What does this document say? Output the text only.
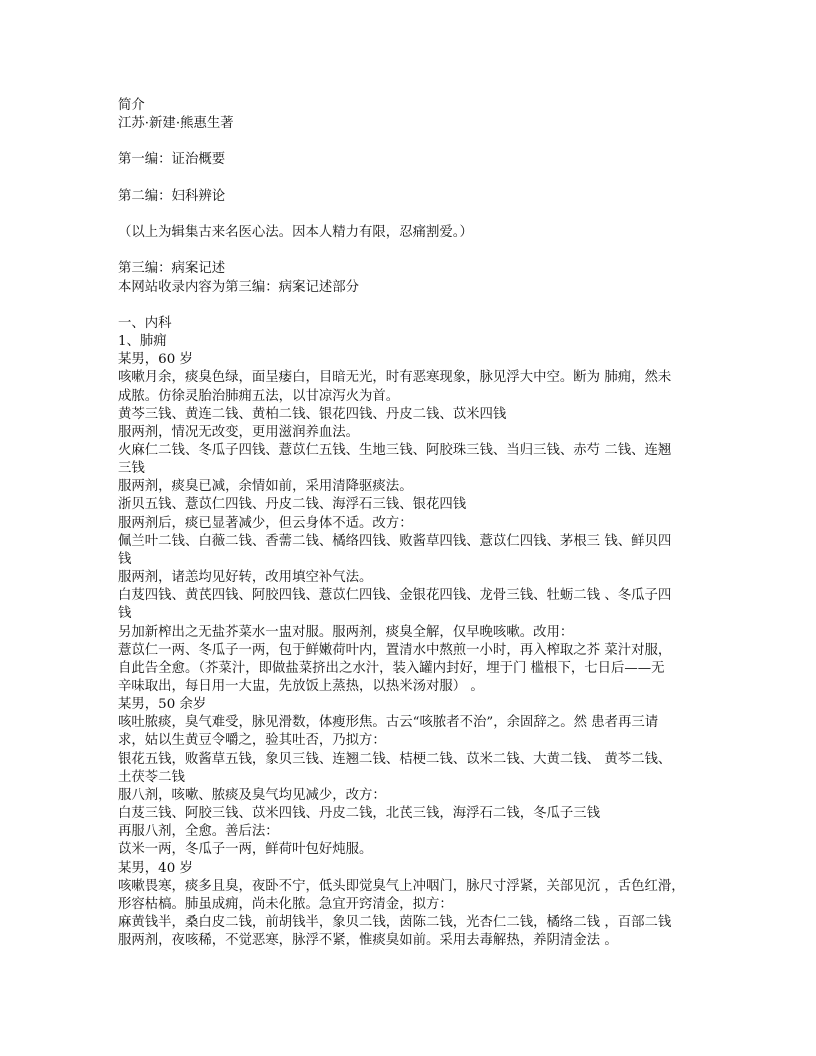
简介
江苏·新建·熊惠生著
第一编：证治概要
第二编：妇科辨论
（以上为辑集古来名医心法。因本人精力有限，忍痛割爱。）
第三编：病案记述
本网站收录内容为第三编：病案记述部分
一、内科
1、肺痈
某男，60 岁
咳嗽月余，痰臭色绿，面呈痿白，目暗无光，时有恶寒现象，脉见浮大中空。断为 肺痈，然未
成脓。仿徐灵胎治肺痈五法，以甘凉泻火为首。
黄芩三钱、黄连二钱、黄柏二钱、银花四钱、丹皮二钱、苡米四钱
服两剂，情况无改变，更用滋润养血法。
火麻仁二钱、冬瓜子四钱、薏苡仁五钱、生地三钱、阿胶珠三钱、当归三钱、赤芍 二钱、连翘
三钱
服两剂，痰臭已减，余情如前，采用清降驱痰法。
浙贝五钱、薏苡仁四钱、丹皮二钱、海浮石三钱、银花四钱
服两剂后，痰已显著减少，但云身体不适。改方：
佩兰叶二钱、白薇二钱、香薷二钱、橘络四钱、败酱草四钱、薏苡仁四钱、茅根三 钱、鲜贝四
钱
服两剂，诸恙均见好转，改用填空补气法。
白芨四钱、黄芪四钱、阿胶四钱、薏苡仁四钱、金银花四钱、龙骨三钱、牡蛎二钱 、冬瓜子四
钱
另加新榨出之无盐芥菜水一盅对服。服两剂，痰臭全解，仅早晚咳嗽。改用：
薏苡仁一两、冬瓜子一两，包于鲜嫩荷叶内，置清水中熬煎一小时，再入榨取之芥 菜汁对服，
自此告全愈。（芥菜汁，即做盐菜挤出之水汁，装入罐内封好，埋于门 槛根下，七日后——无
辛味取出，每日用一大盅，先放饭上蒸热，以热米汤对服） 。
某男，50 余岁
咳吐脓痰，臭气难受，脉见滑数，体瘦形焦。古云“咳脓者不治”，余固辞之。然 患者再三请
求，姑以生黄豆令嚼之，验其吐否，乃拟方：
银花五钱，败酱草五钱，象贝三钱、连翘二钱、桔梗二钱、苡米二钱、大黄二钱、 黄芩二钱、
土茯苓二钱
服八剂，咳嗽、脓痰及臭气均见减少，改方：
白芨三钱、阿胶三钱、苡米四钱、丹皮二钱，北芪三钱，海浮石二钱，冬瓜子三钱
再服八剂，全愈。善后法：
苡米一两，冬瓜子一两，鲜荷叶包好炖服。
某男，40 岁
咳嗽畏寒，痰多且臭，夜卧不宁，低头即觉臭气上冲咽门，脉尺寸浮紧，关部见沉 ，舌色红滑，
形容枯槁。肺虽成痈，尚未化脓。急宜开窍清金，拟方：
麻黄钱半，桑白皮二钱，前胡钱半，象贝二钱，茵陈二钱，光杏仁二钱，橘络二钱 ，百部二钱
服两剂，夜咳稀，不觉恶寒，脉浮不紧，惟痰臭如前。采用去毒解热，养阴清金法 。
